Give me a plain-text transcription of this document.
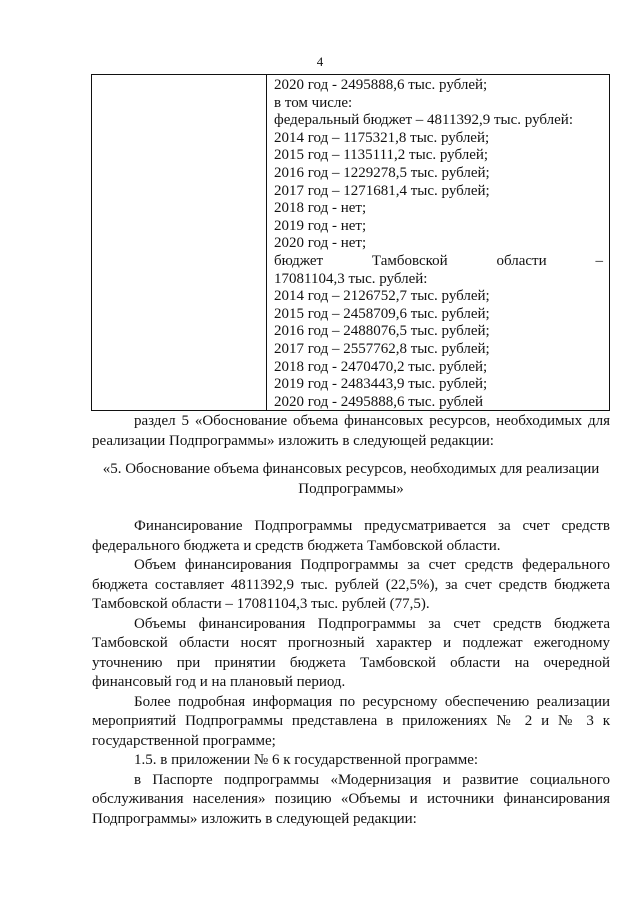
4
2020 год - 2495888,6 тыс. рублей;
в том числе:
федеральный бюджет – 4811392,9 тыс. рублей:
2014 год – 1175321,8 тыс. рублей;
2015 год – 1135111,2 тыс. рублей;
2016 год – 1229278,5 тыс. рублей;
2017 год – 1271681,4 тыс. рублей;
2018 год - нет;
2019 год - нет;
2020 год - нет;
бюджет	Тамбовской	области	–
17081104,3 тыс. рублей:
2014 год – 2126752,7 тыс. рублей;
2015 год – 2458709,6 тыс. рублей;
2016 год – 2488076,5 тыс. рублей;
2017 год – 2557762,8 тыс. рублей;
2018 год - 2470470,2 тыс. рублей;
2019 год - 2483443,9 тыс. рублей;
2020 год - 2495888,6 тыс. рублей

раздел 5 «Обоснование объема финансовых ресурсов, необходимых для реализации Подпрограммы» изложить в следующей редакции:

«5. Обоснование объема финансовых ресурсов, необходимых для реализации Подпрограммы»

Финансирование Подпрограммы предусматривается за счет средств федерального бюджета и средств бюджета Тамбовской области.

Объем финансирования Подпрограммы за счет средств федерального бюджета составляет 4811392,9 тыс. рублей (22,5%), за счет средств бюджета Тамбовской области – 17081104,3 тыс. рублей (77,5).

Объемы финансирования Подпрограммы за счет средств бюджета Тамбовской области носят прогнозный характер и подлежат ежегодному уточнению при принятии бюджета Тамбовской области на очередной финансовый год и на плановый период.

Более подробная информация по ресурсному обеспечению реализации мероприятий Подпрограммы представлена в приложениях № 2 и № 3 к государственной программе;

1.5. в приложении № 6 к государственной программе:

в Паспорте подпрограммы «Модернизация и развитие социального обслуживания населения» позицию «Объемы и источники финансирования Подпрограммы» изложить в следующей редакции:
